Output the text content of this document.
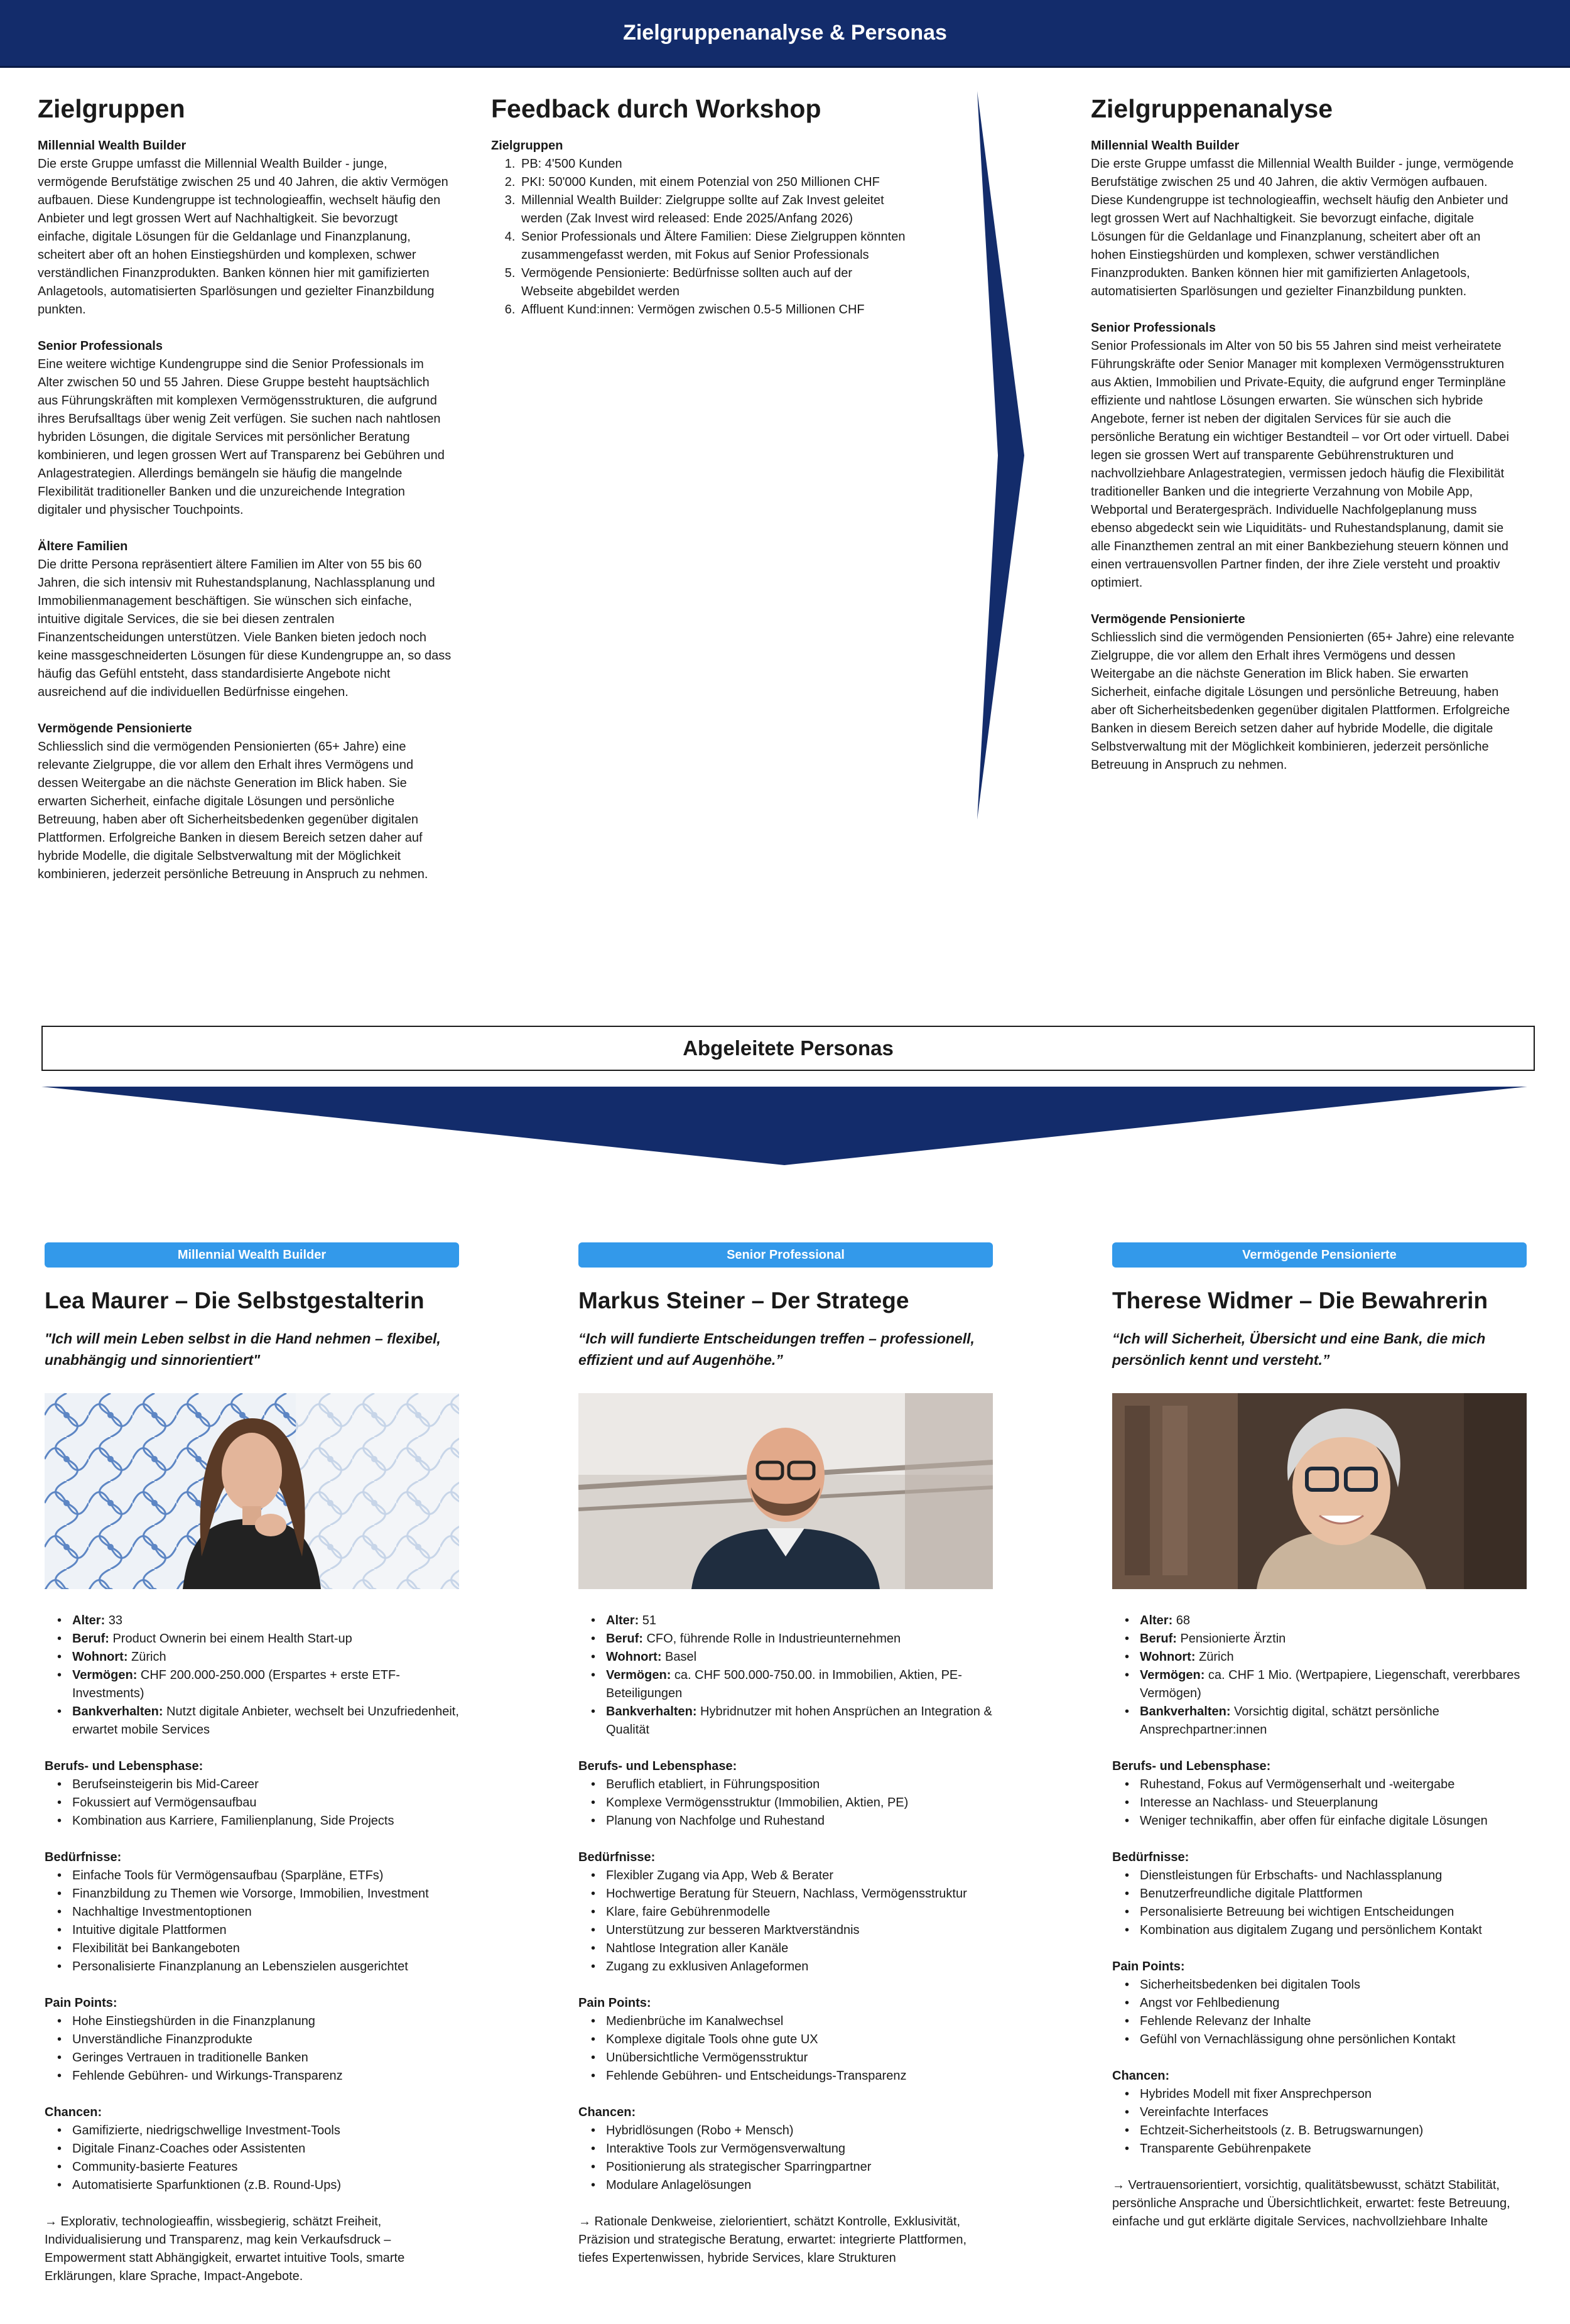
Zielgruppenanalyse & Personas
Zielgruppen
Millennial Wealth Builder
Die erste Gruppe umfasst die Millennial Wealth Builder - junge, vermögende Berufstätige zwischen 25 und 40 Jahren, die aktiv Vermögen aufbauen. Diese Kundengruppe ist technologieaffin, wechselt häufig den Anbieter und legt grossen Wert auf Nachhaltigkeit. Sie bevorzugt einfache, digitale Lösungen für die Geldanlage und Finanzplanung, scheitert aber oft an hohen Einstiegshürden und komplexen, schwer verständlichen Finanzprodukten. Banken können hier mit gamifizierten Anlagetools, automatisierten Sparlösungen und gezielter Finanzbildung punkten.
Senior Professionals
Eine weitere wichtige Kundengruppe sind die Senior Professionals im Alter zwischen 50 und 55 Jahren. Diese Gruppe besteht hauptsächlich aus Führungskräften mit komplexen Vermögensstrukturen, die aufgrund ihres Berufsalltags über wenig Zeit verfügen. Sie suchen nach nahtlosen hybriden Lösungen, die digitale Services mit persönlicher Beratung kombinieren, und legen grossen Wert auf Transparenz bei Gebühren und Anlagestrategien. Allerdings bemängeln sie häufig die mangelnde Flexibilität traditioneller Banken und die unzureichende Integration digitaler und physischer Touchpoints.
Ältere Familien
Die dritte Persona repräsentiert ältere Familien im Alter von 55 bis 60 Jahren, die sich intensiv mit Ruhestandsplanung, Nachlassplanung und Immobilienmanagement beschäftigen. Sie wünschen sich einfache, intuitive digitale Services, die sie bei diesen zentralen Finanzentscheidungen unterstützen. Viele Banken bieten jedoch noch keine massgeschneiderten Lösungen für diese Kundengruppe an, so dass häufig das Gefühl entsteht, dass standardisierte Angebote nicht ausreichend auf die individuellen Bedürfnisse eingehen.
Vermögende Pensionierte
Schliesslich sind die vermögenden Pensionierten (65+ Jahre) eine relevante Zielgruppe, die vor allem den Erhalt ihres Vermögens und dessen Weitergabe an die nächste Generation im Blick haben. Sie erwarten Sicherheit, einfache digitale Lösungen und persönliche Betreuung, haben aber oft Sicherheitsbedenken gegenüber digitalen Plattformen. Erfolgreiche Banken in diesem Bereich setzen daher auf hybride Modelle, die digitale Selbstverwaltung mit der Möglichkeit kombinieren, jederzeit persönliche Betreuung in Anspruch zu nehmen.
Feedback durch Workshop
Zielgruppen
1. PB: 4'500 Kunden
2. PKI: 50'000 Kunden, mit einem Potenzial von 250 Millionen CHF
3. Millennial Wealth Builder: Zielgruppe sollte auf Zak Invest geleitet werden (Zak Invest wird released: Ende 2025/Anfang 2026)
4. Senior Professionals und Ältere Familien: Diese Zielgruppen könnten zusammengefasst werden, mit Fokus auf Senior Professionals
5. Vermögende Pensionierte: Bedürfnisse sollten auch auf der Webseite abgebildet werden
6. Affluent Kund:innen: Vermögen zwischen 0.5-5 Millionen CHF
Zielgruppenanalyse
Millennial Wealth Builder
Die erste Gruppe umfasst die Millennial Wealth Builder - junge, vermögende Berufstätige zwischen 25 und 40 Jahren, die aktiv Vermögen aufbauen. Diese Kundengruppe ist technologieaffin, wechselt häufig den Anbieter und legt grossen Wert auf Nachhaltigkeit. Sie bevorzugt einfache, digitale Lösungen für die Geldanlage und Finanzplanung, scheitert aber oft an hohen Einstiegshürden und komplexen, schwer verständlichen Finanzprodukten. Banken können hier mit gamifizierten Anlagetools, automatisierten Sparlösungen und gezielter Finanzbildung punkten.
Senior Professionals
Senior Professionals im Alter von 50 bis 55 Jahren sind meist verheiratete Führungskräfte oder Senior Manager mit komplexen Vermögensstrukturen aus Aktien, Immobilien und Private-Equity, die aufgrund enger Terminpläne effiziente und nahtlose Lösungen erwarten. Sie wünschen sich hybride Angebote, ferner ist neben der digitalen Services für sie auch die persönliche Beratung ein wichtiger Bestandteil – vor Ort oder virtuell. Dabei legen sie grossen Wert auf transparente Gebührenstrukturen und nachvollziehbare Anlagestrategien, vermissen jedoch häufig die Flexibilität traditioneller Banken und die integrierte Verzahnung von Mobile App, Webportal und Beratergespräch. Individuelle Nachfolgeplanung muss ebenso abgedeckt sein wie Liquiditäts- und Ruhestandsplanung, damit sie alle Finanzthemen zentral an mit einer Bankbeziehung steuern können und einen vertrauensvollen Partner finden, der ihre Ziele versteht und proaktiv optimiert.
Vermögende Pensionierte
Schliesslich sind die vermögenden Pensionierten (65+ Jahre) eine relevante Zielgruppe, die vor allem den Erhalt ihres Vermögens und dessen Weitergabe an die nächste Generation im Blick haben. Sie erwarten Sicherheit, einfache digitale Lösungen und persönliche Betreuung, haben aber oft Sicherheitsbedenken gegenüber digitalen Plattformen. Erfolgreiche Banken in diesem Bereich setzen daher auf hybride Modelle, die digitale Selbstverwaltung mit der Möglichkeit kombinieren, jederzeit persönliche Betreuung in Anspruch zu nehmen.
Abgeleitete Personas
Millennial Wealth Builder
Lea Maurer – Die Selbstgestalterin
"Ich will mein Leben selbst in die Hand nehmen – flexibel, unabhängig und sinnorientiert"
• Alter: 33
• Beruf: Product Ownerin bei einem Health Start-up
• Wohnort: Zürich
• Vermögen: CHF 200.000-250.000 (Erspartes + erste ETF-Investments)
• Bankverhalten: Nutzt digitale Anbieter, wechselt bei Unzufriedenheit, erwartet mobile Services
Berufs- und Lebensphase:
• Berufseinsteigerin bis Mid-Career
• Fokussiert auf Vermögensaufbau
• Kombination aus Karriere, Familienplanung, Side Projects
Bedürfnisse:
• Einfache Tools für Vermögensaufbau (Sparpläne, ETFs)
• Finanzbildung zu Themen wie Vorsorge, Immobilien, Investment
• Nachhaltige Investmentoptionen
• Intuitive digitale Plattformen
• Flexibilität bei Bankangeboten
• Personalisierte Finanzplanung an Lebenszielen ausgerichtet
Pain Points:
• Hohe Einstiegshürden in die Finanzplanung
• Unverständliche Finanzprodukte
• Geringes Vertrauen in traditionelle Banken
• Fehlende Gebühren- und Wirkungs-Transparenz
Chancen:
• Gamifizierte, niedrigschwellige Investment-Tools
• Digitale Finanz-Coaches oder Assistenten
• Community-basierte Features
• Automatisierte Sparfunktionen (z.B. Round-Ups)
→ Explorativ, technologieaffin, wissbegierig, schätzt Freiheit, Individualisierung und Transparenz, mag kein Verkaufsdruck – Empowerment statt Abhängigkeit, erwartet intuitive Tools, smarte Erklärungen, klare Sprache, Impact-Angebote.
Senior Professional
Markus Steiner – Der Stratege
“Ich will fundierte Entscheidungen treffen – professionell, effizient und auf Augenhöhe.”
• Alter: 51
• Beruf: CFO, führende Rolle in Industrieunternehmen
• Wohnort: Basel
• Vermögen: ca. CHF 500.000-750.00. in Immobilien, Aktien, PE-Beteiligungen
• Bankverhalten: Hybridnutzer mit hohen Ansprüchen an Integration & Qualität
Berufs- und Lebensphase:
• Beruflich etabliert, in Führungsposition
• Komplexe Vermögensstruktur (Immobilien, Aktien, PE)
• Planung von Nachfolge und Ruhestand
Bedürfnisse:
• Flexibler Zugang via App, Web & Berater
• Hochwertige Beratung für Steuern, Nachlass, Vermögensstruktur
• Klare, faire Gebührenmodelle
• Unterstützung zur besseren Marktverständnis
• Nahtlose Integration aller Kanäle
• Zugang zu exklusiven Anlageformen
Pain Points:
• Medienbrüche im Kanalwechsel
• Komplexe digitale Tools ohne gute UX
• Unübersichtliche Vermögensstruktur
• Fehlende Gebühren- und Entscheidungs-Transparenz
Chancen:
• Hybridlösungen (Robo + Mensch)
• Interaktive Tools zur Vermögensverwaltung
• Positionierung als strategischer Sparringpartner
• Modulare Anlagelösungen
→ Rationale Denkweise, zielorientiert, schätzt Kontrolle, Exklusivität, Präzision und strategische Beratung, erwartet: integrierte Plattformen, tiefes Expertenwissen, hybride Services, klare Strukturen
Vermögende Pensionierte
Therese Widmer – Die Bewahrerin
“Ich will Sicherheit, Übersicht und eine Bank, die mich persönlich kennt und versteht.”
• Alter: 68
• Beruf: Pensionierte Ärztin
• Wohnort: Zürich
• Vermögen: ca. CHF 1 Mio. (Wertpapiere, Liegenschaft, vererbbares Vermögen)
• Bankverhalten: Vorsichtig digital, schätzt persönliche Ansprechpartner:innen
Berufs- und Lebensphase:
• Ruhestand, Fokus auf Vermögenserhalt und -weitergabe
• Interesse an Nachlass- und Steuerplanung
• Weniger technikaffin, aber offen für einfache digitale Lösungen
Bedürfnisse:
• Dienstleistungen für Erbschafts- und Nachlassplanung
• Benutzerfreundliche digitale Plattformen
• Personalisierte Betreuung bei wichtigen Entscheidungen
• Kombination aus digitalem Zugang und persönlichem Kontakt
Pain Points:
• Sicherheitsbedenken bei digitalen Tools
• Angst vor Fehlbedienung
• Fehlende Relevanz der Inhalte
• Gefühl von Vernachlässigung ohne persönlichen Kontakt
Chancen:
• Hybrides Modell mit fixer Ansprechperson
• Vereinfachte Interfaces
• Echtzeit-Sicherheitstools (z. B. Betrugswarnungen)
• Transparente Gebührenpakete
→ Vertrauensorientiert, vorsichtig, qualitätsbewusst, schätzt Stabilität, persönliche Ansprache und Übersichtlichkeit, erwartet: feste Betreuung, einfache und gut erklärte digitale Services, nachvollziehbare Inhalte
